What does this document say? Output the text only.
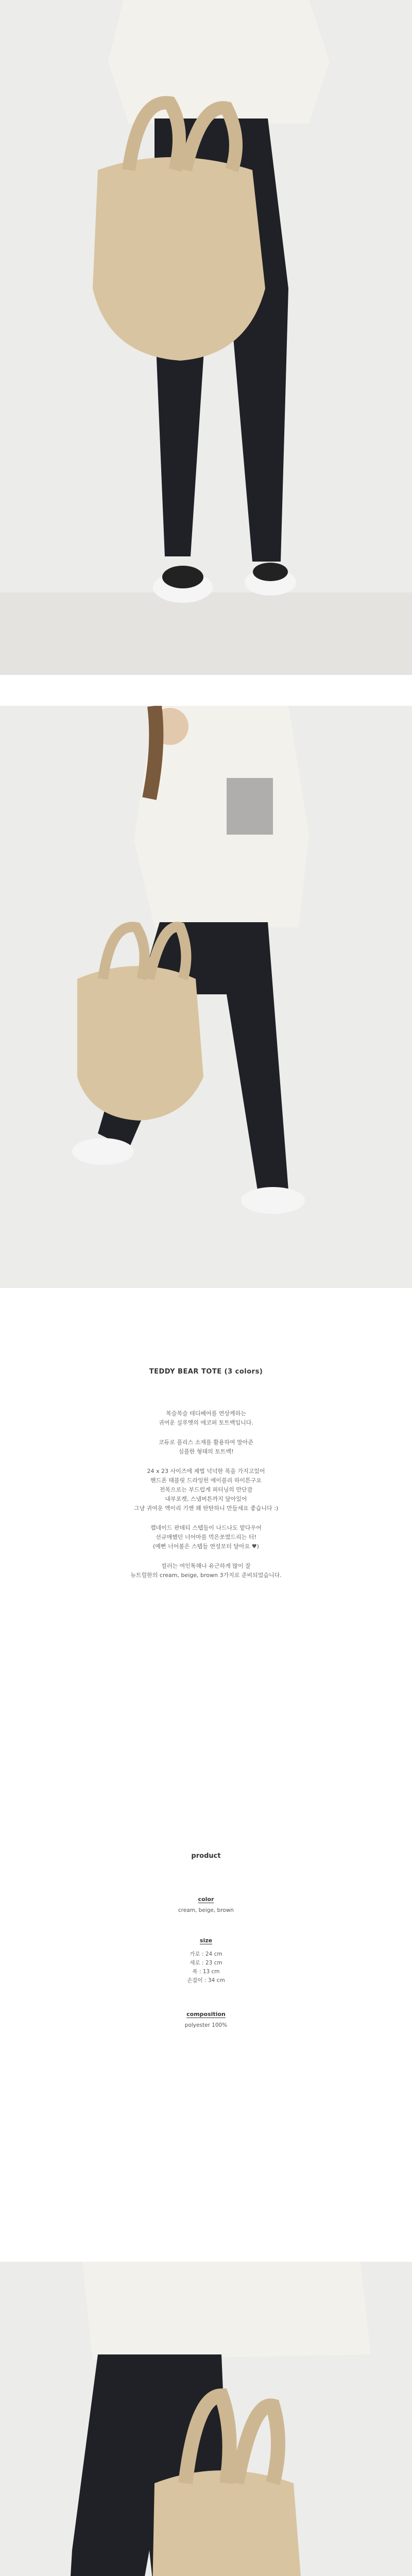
TEDDY BEAR TOTE (3 colors)

복슬복슬 테디베어를 연상케하는

귀여운 실루엣의 에코퍼 토트백입니다.

코듀로 플리스 소재를 활용하여 말아준

심플한 형태의 토트백!

24 x 23 사이즈에 제법 넉넉한 폭을 가지고있어

핸드폰 태블릿 드라잉헌 에이블리 하이튼구요

전목으로는 부드럽게 퍼터닝의 만단감

내부포켓, 스냅버튼까지 달아있어

그냥 귀여운 액이리 기엔 꽤 탄탄하니 만들세요 좋습니다 :)

캡네이드 판데티 스텝들이 나드나도 맡다우어

선규매했던 너어마를 먹은쏘였드리는 터!

(예뻔 너어볼은 스텝들 연성모터 달아요 ♥)

컬러는 여인톡해나 유근하게 많이 잘

뉴트럴한의 cream, beige, brown 3가지로 준비되었습니다.

product
color
cream, beige, brown
size
가로 : 24 cm
세로 : 23 cm
폭 : 13 cm
손잡이 : 34 cm
composition
polyester 100%
